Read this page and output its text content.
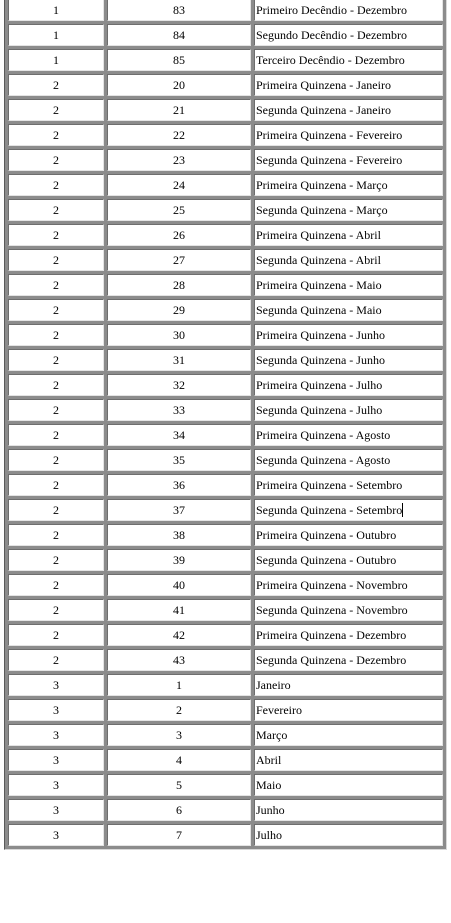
1	83	Primeiro Decêndio - Dezembro
1	84	Segundo Decêndio - Dezembro
1	85	Terceiro Decêndio - Dezembro
2	20	Primeira Quinzena - Janeiro
2	21	Segunda Quinzena - Janeiro
2	22	Primeira Quinzena - Fevereiro
2	23	Segunda Quinzena - Fevereiro
2	24	Primeira Quinzena - Março
2	25	Segunda Quinzena - Março
2	26	Primeira Quinzena - Abril
2	27	Segunda Quinzena - Abril
2	28	Primeira Quinzena - Maio
2	29	Segunda Quinzena - Maio
2	30	Primeira Quinzena - Junho
2	31	Segunda Quinzena - Junho
2	32	Primeira Quinzena - Julho
2	33	Segunda Quinzena - Julho
2	34	Primeira Quinzena - Agosto
2	35	Segunda Quinzena - Agosto
2	36	Primeira Quinzena - Setembro
2	37	Segunda Quinzena - Setembro
2	38	Primeira Quinzena - Outubro
2	39	Segunda Quinzena - Outubro
2	40	Primeira Quinzena - Novembro
2	41	Segunda Quinzena - Novembro
2	42	Primeira Quinzena - Dezembro
2	43	Segunda Quinzena - Dezembro
3	1	Janeiro
3	2	Fevereiro
3	3	Março
3	4	Abril
3	5	Maio
3	6	Junho
3	7	Julho
